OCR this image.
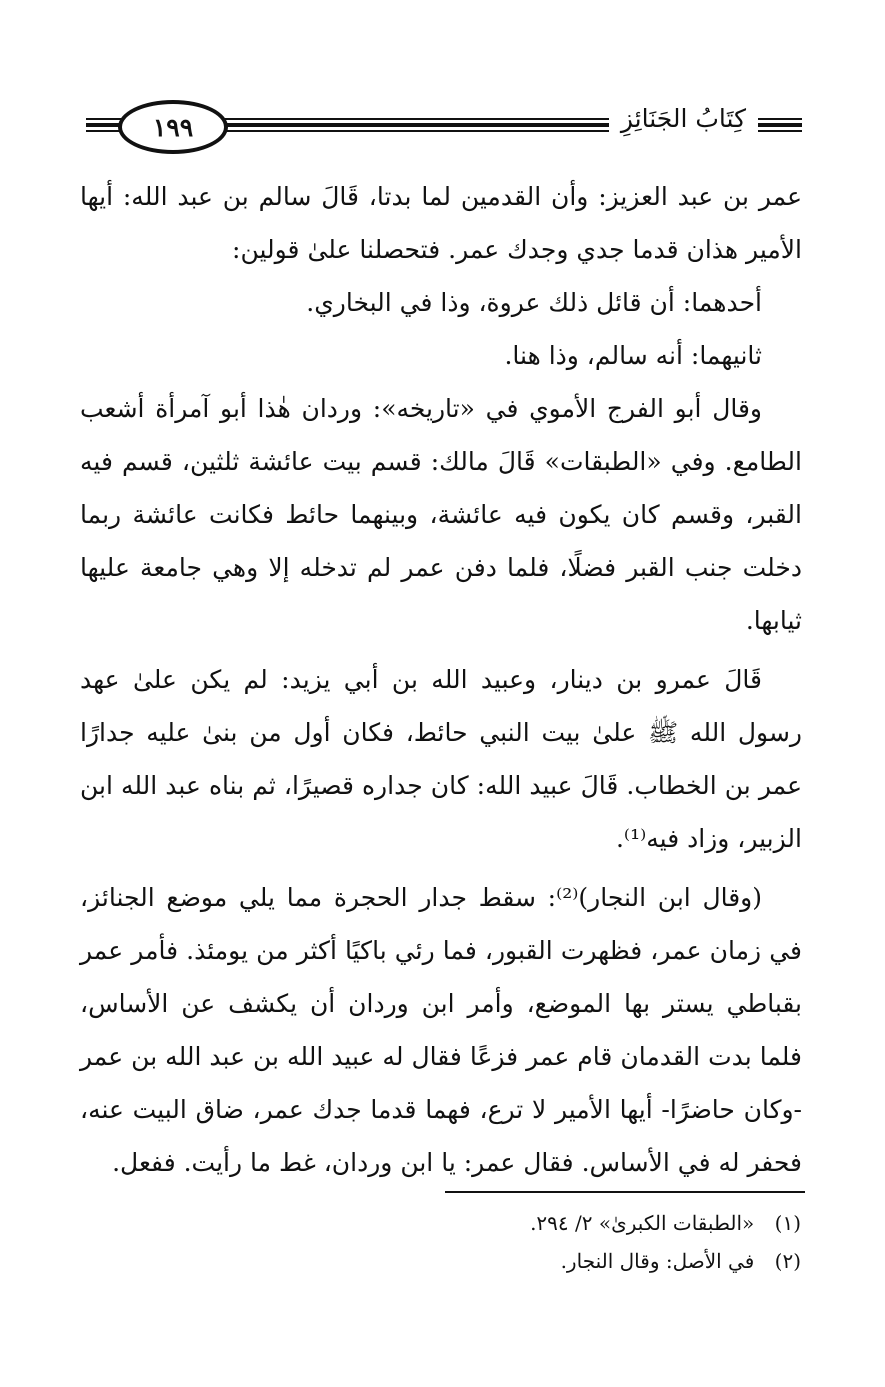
١٩٩	كِتَابُ الجَنَائِزِ

عمر بن عبد العزيز: وأن القدمين لما بدتا، قَالَ سالم بن عبد الله: أيها الأمير هذان قدما جدي وجدك عمر. فتحصلنا علىٰ قولين:

أحدهما: أن قائل ذلك عروة، وذا في البخاري.

ثانيهما: أنه سالم، وذا هنا.

وقال أبو الفرج الأموي في «تاريخه»: وردان هٰذا أبو آمرأة أشعب الطامع. وفي «الطبقات» قَالَ مالك: قسم بيت عائشة ثلثين، قسم فيه القبر، وقسم كان يكون فيه عائشة، وبينهما حائط فكانت عائشة ربما دخلت جنب القبر فضلًا، فلما دفن عمر لم تدخله إلا وهي جامعة عليها ثيابها.

قَالَ عمرو بن دينار، وعبيد الله بن أبي يزيد: لم يكن علىٰ عهد رسول الله ﷺ علىٰ بيت النبي حائط، فكان أول من بنىٰ عليه جدارًا عمر بن الخطاب. قَالَ عبيد الله: كان جداره قصيرًا، ثم بناه عبد الله ابن الزبير، وزاد فيه⁽¹⁾.

(وقال ابن النجار)⁽²⁾: سقط جدار الحجرة مما يلي موضع الجنائز، في زمان عمر، فظهرت القبور، فما رئي باكيًا أكثر من يومئذ. فأمر عمر بقباطي يستر بها الموضع، وأمر ابن وردان أن يكشف عن الأساس، فلما بدت القدمان قام عمر فزعًا فقال له عبيد الله بن عبد الله بن عمر -وكان حاضرًا- أيها الأمير لا ترع، فهما قدما جدك عمر، ضاق البيت عنه، فحفر له في الأساس. فقال عمر: يا ابن وردان، غط ما رأيت. ففعل.

(١) «الطبقات الكبرىٰ» ٢/ ٢٩٤.
(٢) في الأصل: وقال النجار.
